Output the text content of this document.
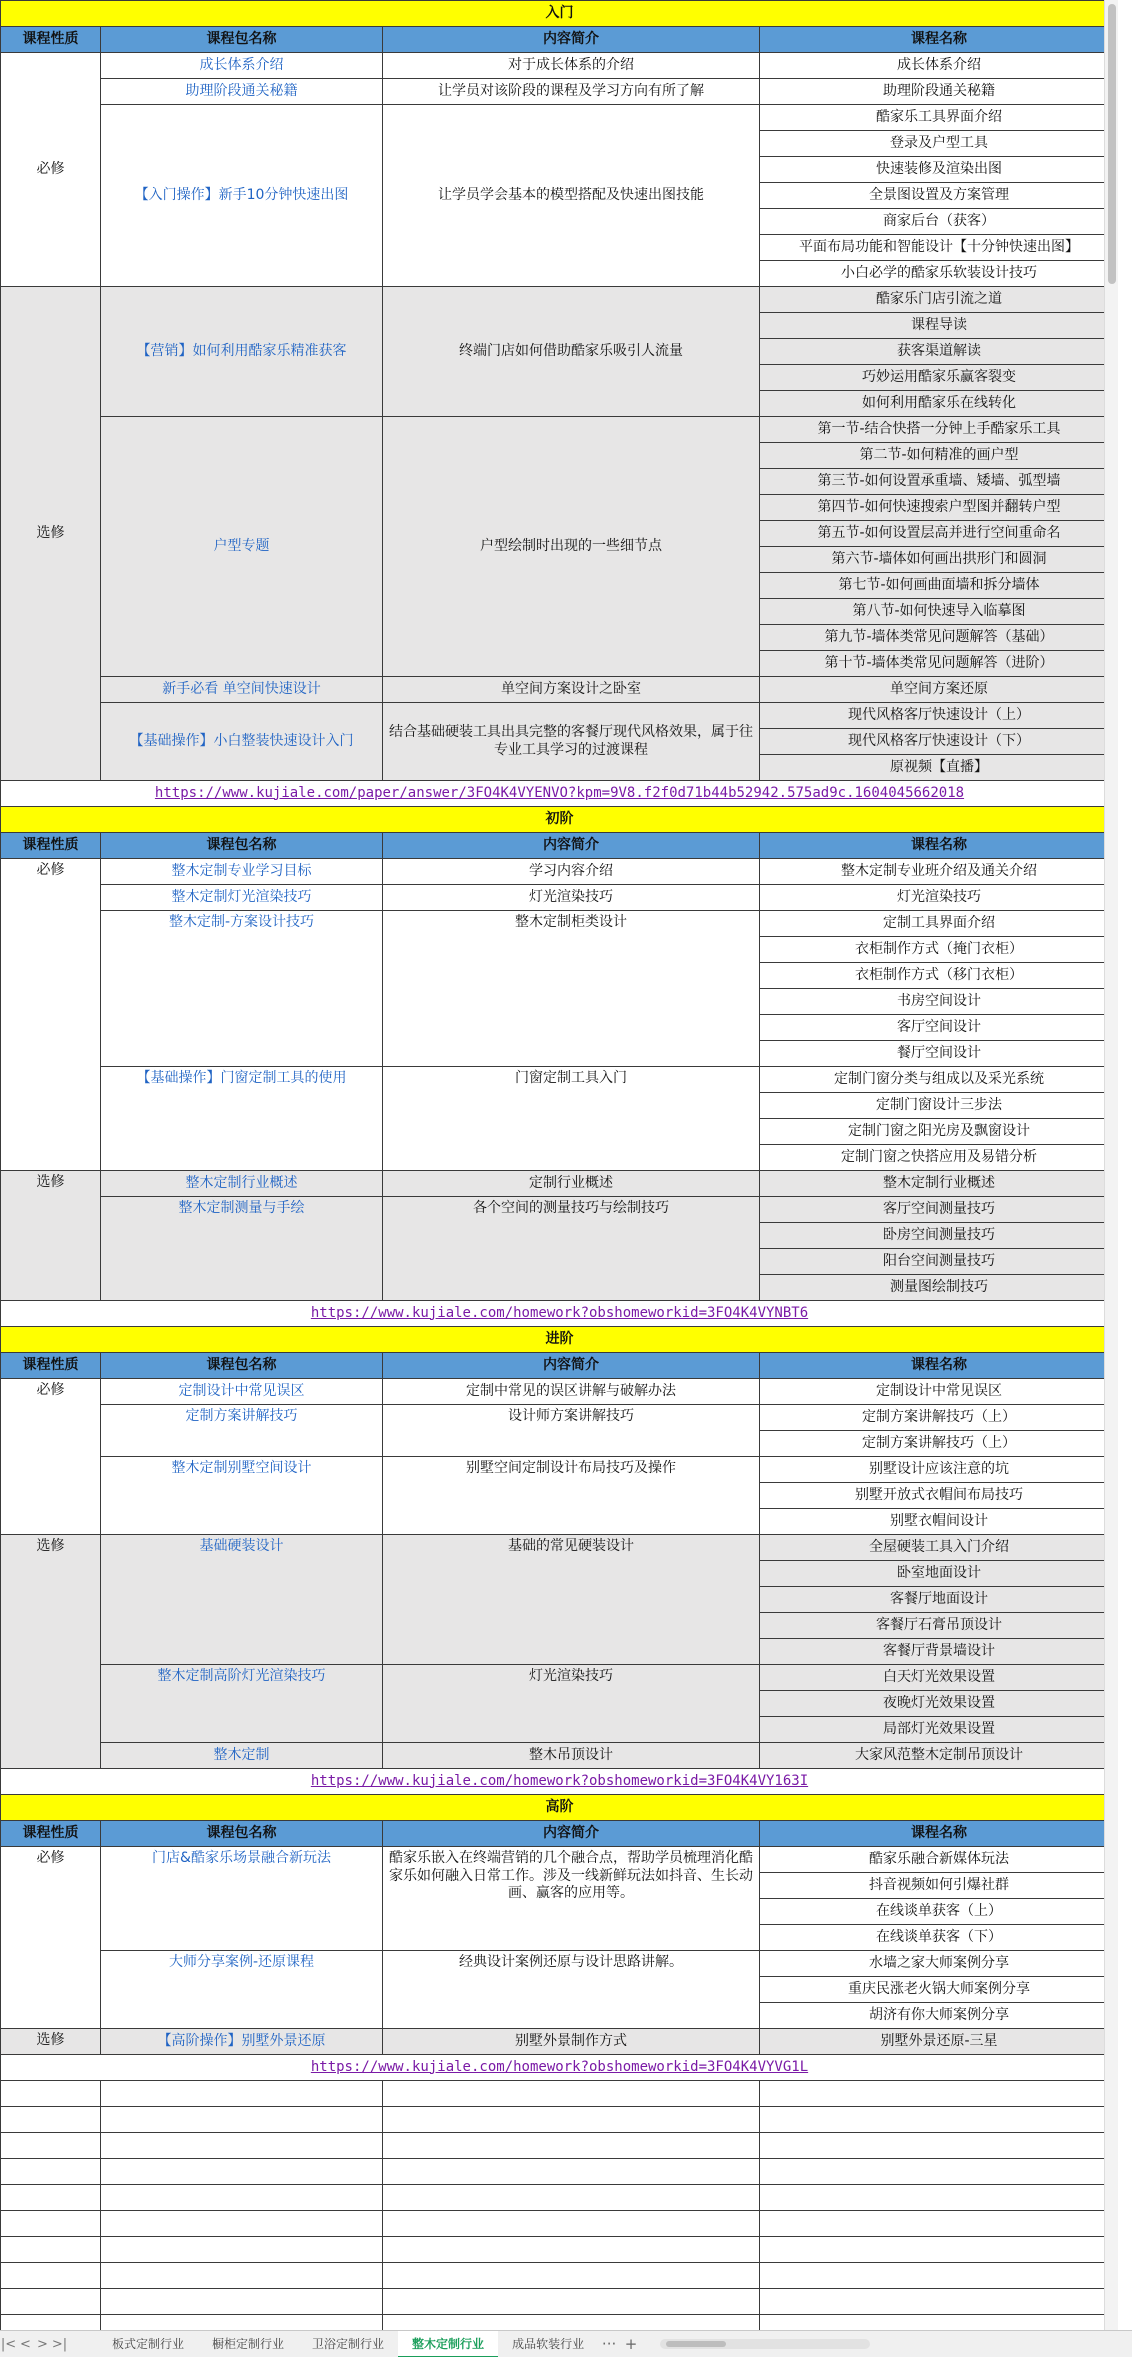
入门			
课程性质	课程包名称	内容简介	课程名称
必修	成长体系介绍	对于成长体系的介绍	成长体系介绍
	助理阶段通关秘籍	让学员对该阶段的课程及学习方向有所了解	助理阶段通关秘籍
	【入门操作】新手10分钟快速出图	让学员学会基本的模型搭配及快速出图技能	酷家乐工具界面介绍
			登录及户型工具
			快速装修及渲染出图
			全景图设置及方案管理
			商家后台（获客）
			平面布局功能和智能设计【十分钟快速出图】
			小白必学的酷家乐软装设计技巧
选修	【营销】如何利用酷家乐精准获客	终端门店如何借助酷家乐吸引人流量	酷家乐门店引流之道
			课程导读
			获客渠道解读
			巧妙运用酷家乐赢客裂变
			如何利用酷家乐在线转化
	户型专题	户型绘制时出现的一些细节点	第一节-结合快搭一分钟上手酷家乐工具
			第二节-如何精准的画户型
			第三节-如何设置承重墙、矮墙、弧型墙
			第四节-如何快速搜索户型图并翻转户型
			第五节-如何设置层高并进行空间重命名
			第六节-墙体如何画出拱形门和圆洞
			第七节-如何画曲面墙和拆分墙体
			第八节-如何快速导入临摹图
			第九节-墙体类常见问题解答（基础）
			第十节-墙体类常见问题解答（进阶）
	新手必看 单空间快速设计	单空间方案设计之卧室	单空间方案还原
	【基础操作】小白整装快速设计入门	结合基础硬装工具出具完整的客餐厅现代风格效果，属于往专业工具学习的过渡课程	现代风格客厅快速设计（上）
			现代风格客厅快速设计（下）
			原视频【直播】
https://www.kujiale.com/paper/answer/3FO4K4VYENVO?kpm=9V8.f2f0d71b44b52942.575ad9c.1604045662018			
初阶			
课程性质	课程包名称	内容简介	课程名称
必修	整木定制专业学习目标	学习内容介绍	整木定制专业班介绍及通关介绍
	整木定制灯光渲染技巧	灯光渲染技巧	灯光渲染技巧
	整木定制-方案设计技巧	整木定制柜类设计	定制工具界面介绍
			衣柜制作方式（掩门衣柜）
			衣柜制作方式（移门衣柜）
			书房空间设计
			客厅空间设计
			餐厅空间设计
	【基础操作】门窗定制工具的使用	门窗定制工具入门	定制门窗分类与组成以及采光系统
			定制门窗设计三步法
			定制门窗之阳光房及飘窗设计
			定制门窗之快搭应用及易错分析
选修	整木定制行业概述	定制行业概述	整木定制行业概述
	整木定制测量与手绘	各个空间的测量技巧与绘制技巧	客厅空间测量技巧
			卧房空间测量技巧
			阳台空间测量技巧
			测量图绘制技巧
https://www.kujiale.com/homework?obshomeworkid=3FO4K4VYNBT6			
进阶			
课程性质	课程包名称	内容简介	课程名称
必修	定制设计中常见误区	定制中常见的误区讲解与破解办法	定制设计中常见误区
	定制方案讲解技巧	设计师方案讲解技巧	定制方案讲解技巧（上）
			定制方案讲解技巧（上）
	整木定制别墅空间设计	别墅空间定制设计布局技巧及操作	别墅设计应该注意的坑
			别墅开放式衣帽间布局技巧
			别墅衣帽间设计
选修	基础硬装设计	基础的常见硬装设计	全屋硬装工具入门介绍
			卧室地面设计
			客餐厅地面设计
			客餐厅石膏吊顶设计
			客餐厅背景墙设计
	整木定制高阶灯光渲染技巧	灯光渲染技巧	白天灯光效果设置
			夜晚灯光效果设置
			局部灯光效果设置
	整木定制	整木吊顶设计	大家风范整木定制吊顶设计
https://www.kujiale.com/homework?obshomeworkid=3FO4K4VY163I			
高阶			
课程性质	课程包名称	内容简介	课程名称
必修	门店&酷家乐场景融合新玩法	酷家乐嵌入在终端营销的几个融合点，帮助学员梳理消化酷家乐如何融入日常工作。涉及一线新鲜玩法如抖音、生长动画、赢客的应用等。	酷家乐融合新媒体玩法
			抖音视频如何引爆社群
			在线谈单获客（上）
			在线谈单获客（下）
	大师分享案例-还原课程	经典设计案例还原与设计思路讲解。	水墙之家大师案例分享
			重庆民涨老火锅大师案例分享
			胡济有你大师案例分享
选修	【高阶操作】别墅外景还原	别墅外景制作方式	别墅外景还原-三星
https://www.kujiale.com/homework?obshomeworkid=3FO4K4VYVG1L			

|< < > >|	板式定制行业	橱柜定制行业	卫浴定制行业	整木定制行业	成品软装行业	··· +
